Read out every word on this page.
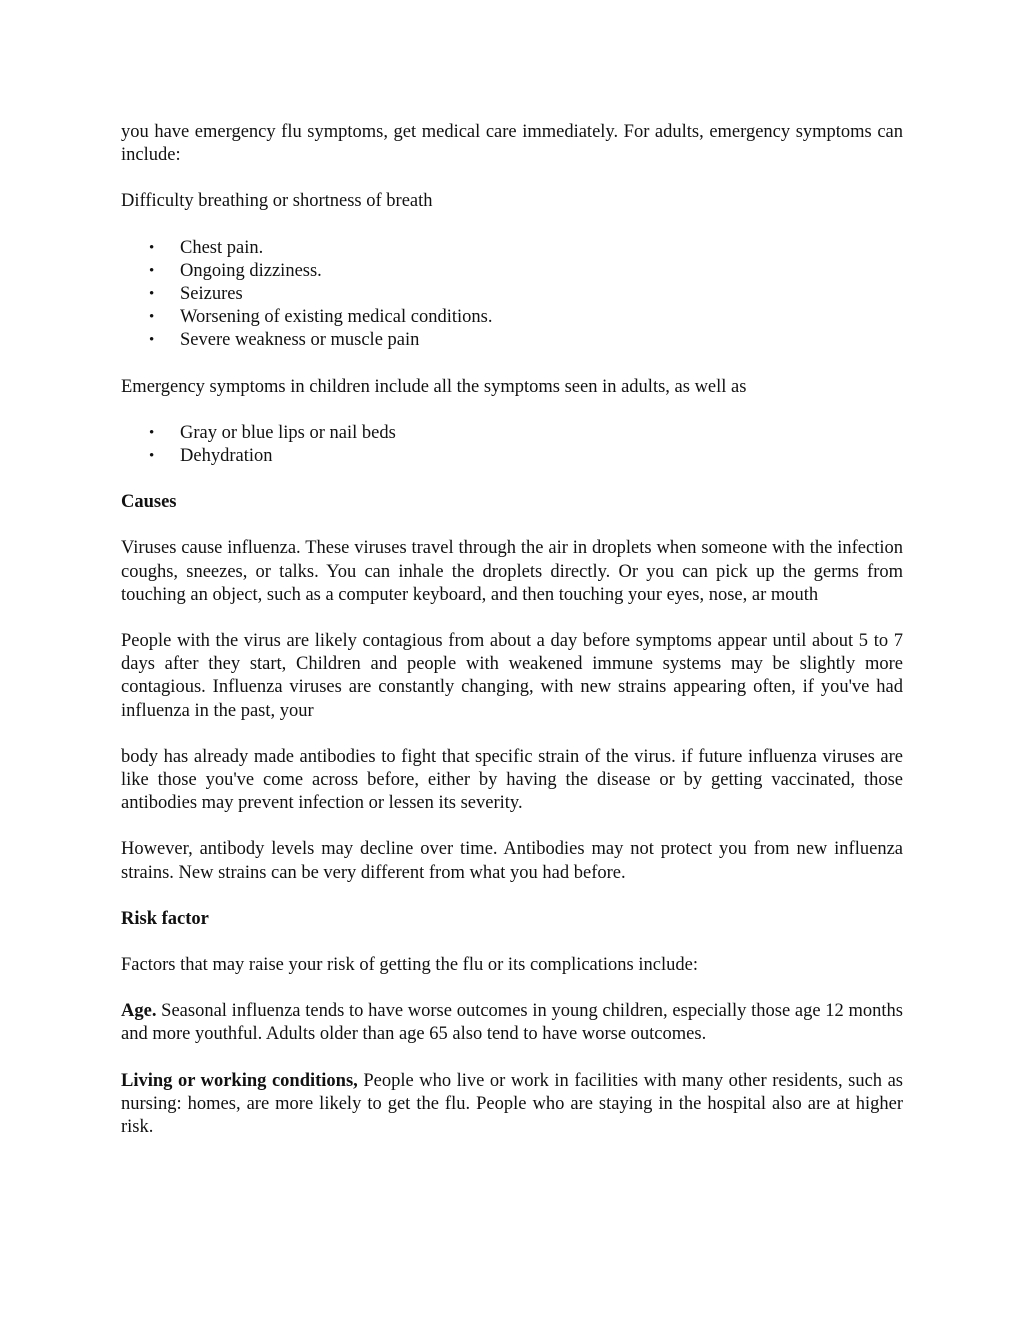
you have emergency flu symptoms, get medical care immediately. For adults, emergency symptoms can include:

Difficulty breathing or shortness of breath

• Chest pain.
• Ongoing dizziness.
• Seizures
• Worsening of existing medical conditions.
• Severe weakness or muscle pain

Emergency symptoms in children include all the symptoms seen in adults, as well as

• Gray or blue lips or nail beds
• Dehydration

Causes

Viruses cause influenza. These viruses travel through the air in droplets when someone with the infection coughs, sneezes, or talks. You can inhale the droplets directly. Or you can pick up the germs from touching an object, such as a computer keyboard, and then touching your eyes, nose, ar mouth

People with the virus are likely contagious from about a day before symptoms appear until about 5 to 7 days after they start, Children and people with weakened immune systems may be slightly more contagious. Influenza viruses are constantly changing, with new strains appearing often, if you've had influenza in the past, your

body has already made antibodies to fight that specific strain of the virus. if future influenza viruses are like those you've come across before, either by having the disease or by getting vaccinated, those antibodies may prevent infection or lessen its severity.

However, antibody levels may decline over time. Antibodies may not protect you from new influenza strains. New strains can be very different from what you had before.

Risk factor

Factors that may raise your risk of getting the flu or its complications include:

Age. Seasonal influenza tends to have worse outcomes in young children, especially those age 12 months and more youthful. Adults older than age 65 also tend to have worse outcomes.

Living or working conditions, People who live or work in facilities with many other residents, such as nursing: homes, are more likely to get the flu. People who are staying in the hospital also are at higher risk.
